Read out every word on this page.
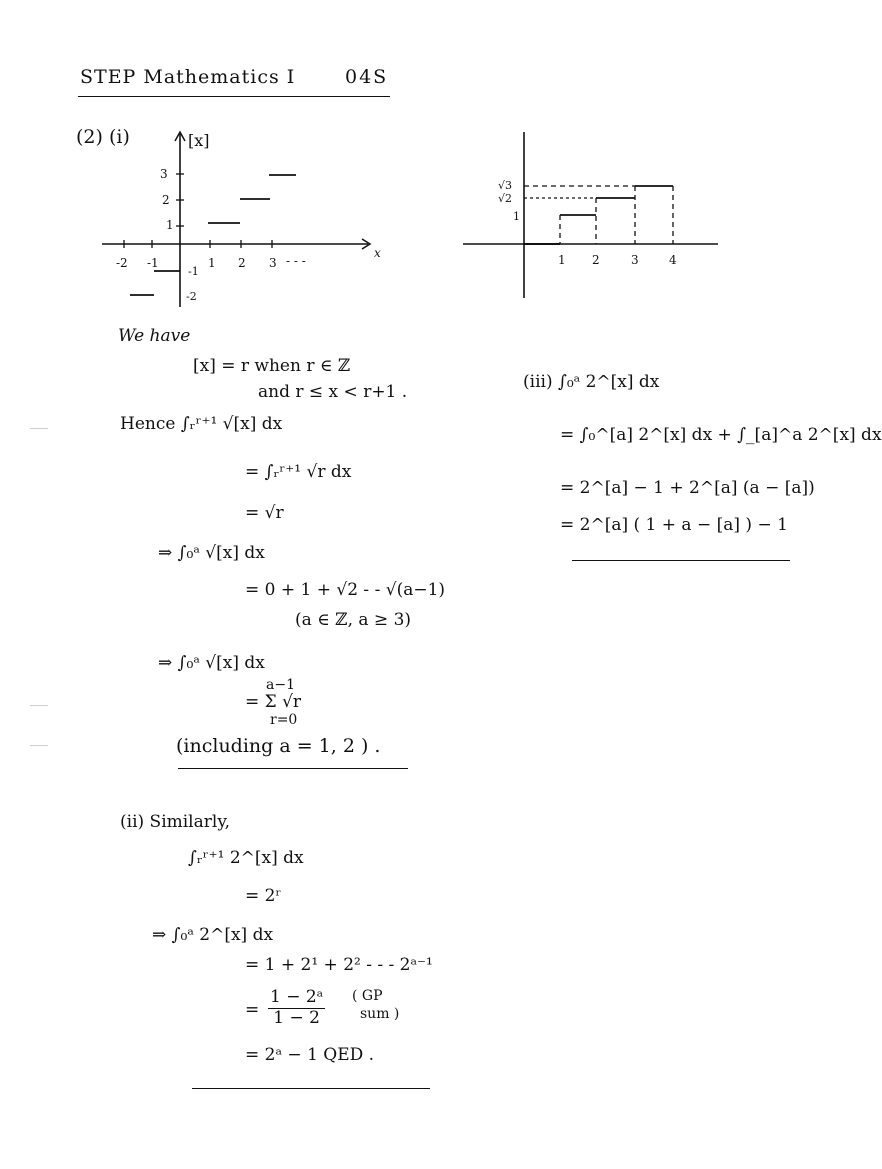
STEP Mathematics I	04S
(2) (i)	[x]
x
-2 -1	1 2 3 - - -
3
2
1
-1
-2
1 2	3	4
√3
√2
1
We have
[x] = r when r ∈ ℤ
and r ≤ x < r+1 .
Hence ∫ᵣʳ⁺¹ √[x] dx
= ∫ᵣʳ⁺¹ √r dx
= √r
⇒ ∫₀ᵃ √[x] dx
= 0 + 1 + √2 - - √(a−1)
(a ∈ ℤ, a ≥ 3)
⇒ ∫₀ᵃ √[x] dx
a−1
= Σ √r
r=0
(including a = 1, 2 ) .
(iii) ∫₀ᵃ 2^[x] dx
= ∫₀^[a] 2^[x] dx + ∫_[a]^a 2^[x] dx
= 2^[a] − 1 + 2^[a] (a − [a])
= 2^[a] ( 1 + a − [a] ) − 1
(ii) Similarly,
∫ᵣʳ⁺¹ 2^[x] dx
= 2ʳ
⇒ ∫₀ᵃ 2^[x] dx
= 1 + 2¹ + 2² - - - 2ᵃ⁻¹
= $\frac{\text{1 − 2ᵃ}}{1 - 2}$ ( GP
sum )
= 2ᵃ − 1 QED .
